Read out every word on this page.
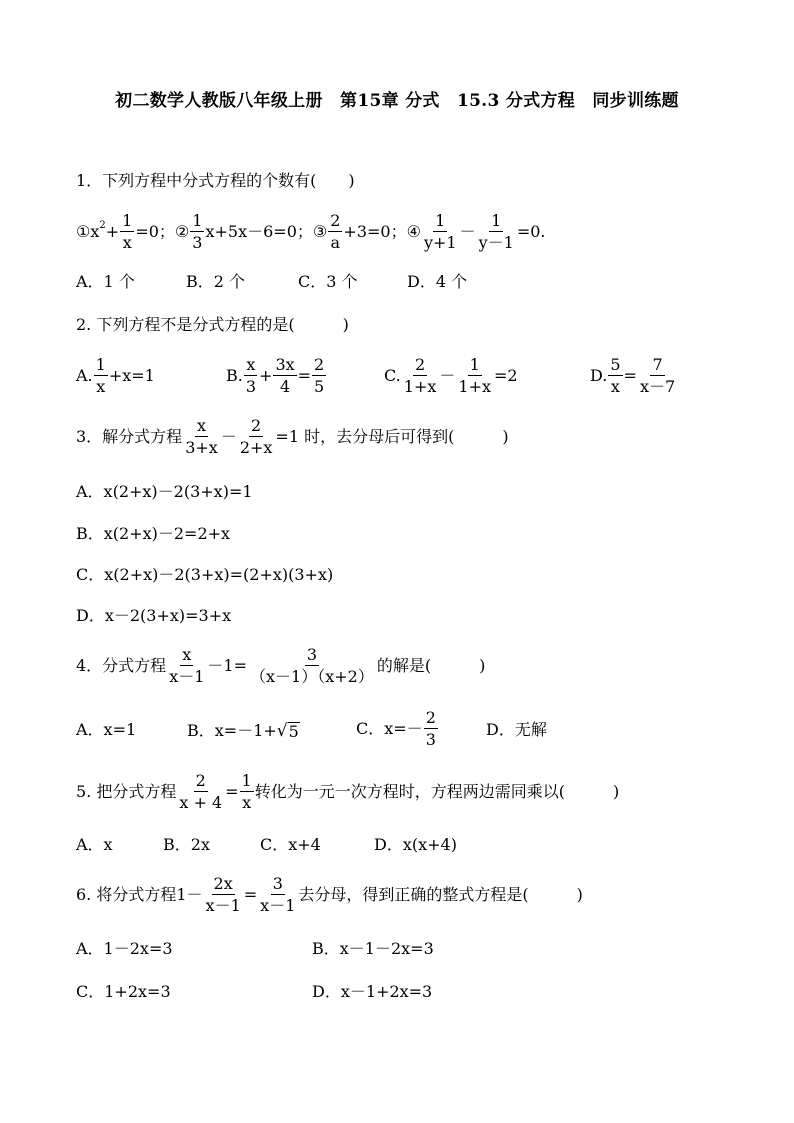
初二数学人教版八年级上册　第15章 分式　15.3 分式方程　同步训练题
1．下列方程中分式方程的个数有(　　)
① $x^2 + \frac{1}{x} =0$； ② $\frac{1}{3} x+5x-6=0$； ③ $\frac{2}{a} +3=0$； ④ $\frac{1}{y+1} - \frac{1}{y-1} =0$.
A．1 个	B．2 个	C．3 个	D．4 个
2. 下列方程不是分式方程的是(　　　)
A. $\frac{1}{x} +x=1$	B. $\frac{x}{3} + \frac{3x}{4} = \frac{2}{5}$	C. $\frac{2}{1+x} - \frac{1}{1+x} =2$	D. $\frac{5}{x} = \frac{7}{x-7}$
3．解分式方程 $\frac{x}{3+x} - \frac{2}{2+x} =1$ 时，去分母后可得到(　　　)
A．x(2+x)－2(3+x)=1
B．x(2+x)－2=2+x
C．x(2+x)－2(3+x)=(2+x)(3+x)
D．x－2(3+x)=3+x
4．分式方程 $\frac{x}{x-1} -1= \frac{3}{(x-1)(x+2)}$ 的解是(　　　)
A．x=1	B．x=－1+ √ 5	C．$x=- \frac{2}{3}$	D．无解
5. 把分式方程 $\frac{2}{x + 4} = \frac{1}{x}$ 转化为一元一次方程时，方程两边需同乘以(　　　)
A．x	B．2x	C．x+4	D．x(x+4)
6. 将分式方程$1- \frac{2x}{x-1} = \frac{3}{x-1}$ 去分母，得到正确的整式方程是(　　　)
A．1－2x=3	B．x－1－2x=3
C．1+2x=3	D．x－1+2x=3
